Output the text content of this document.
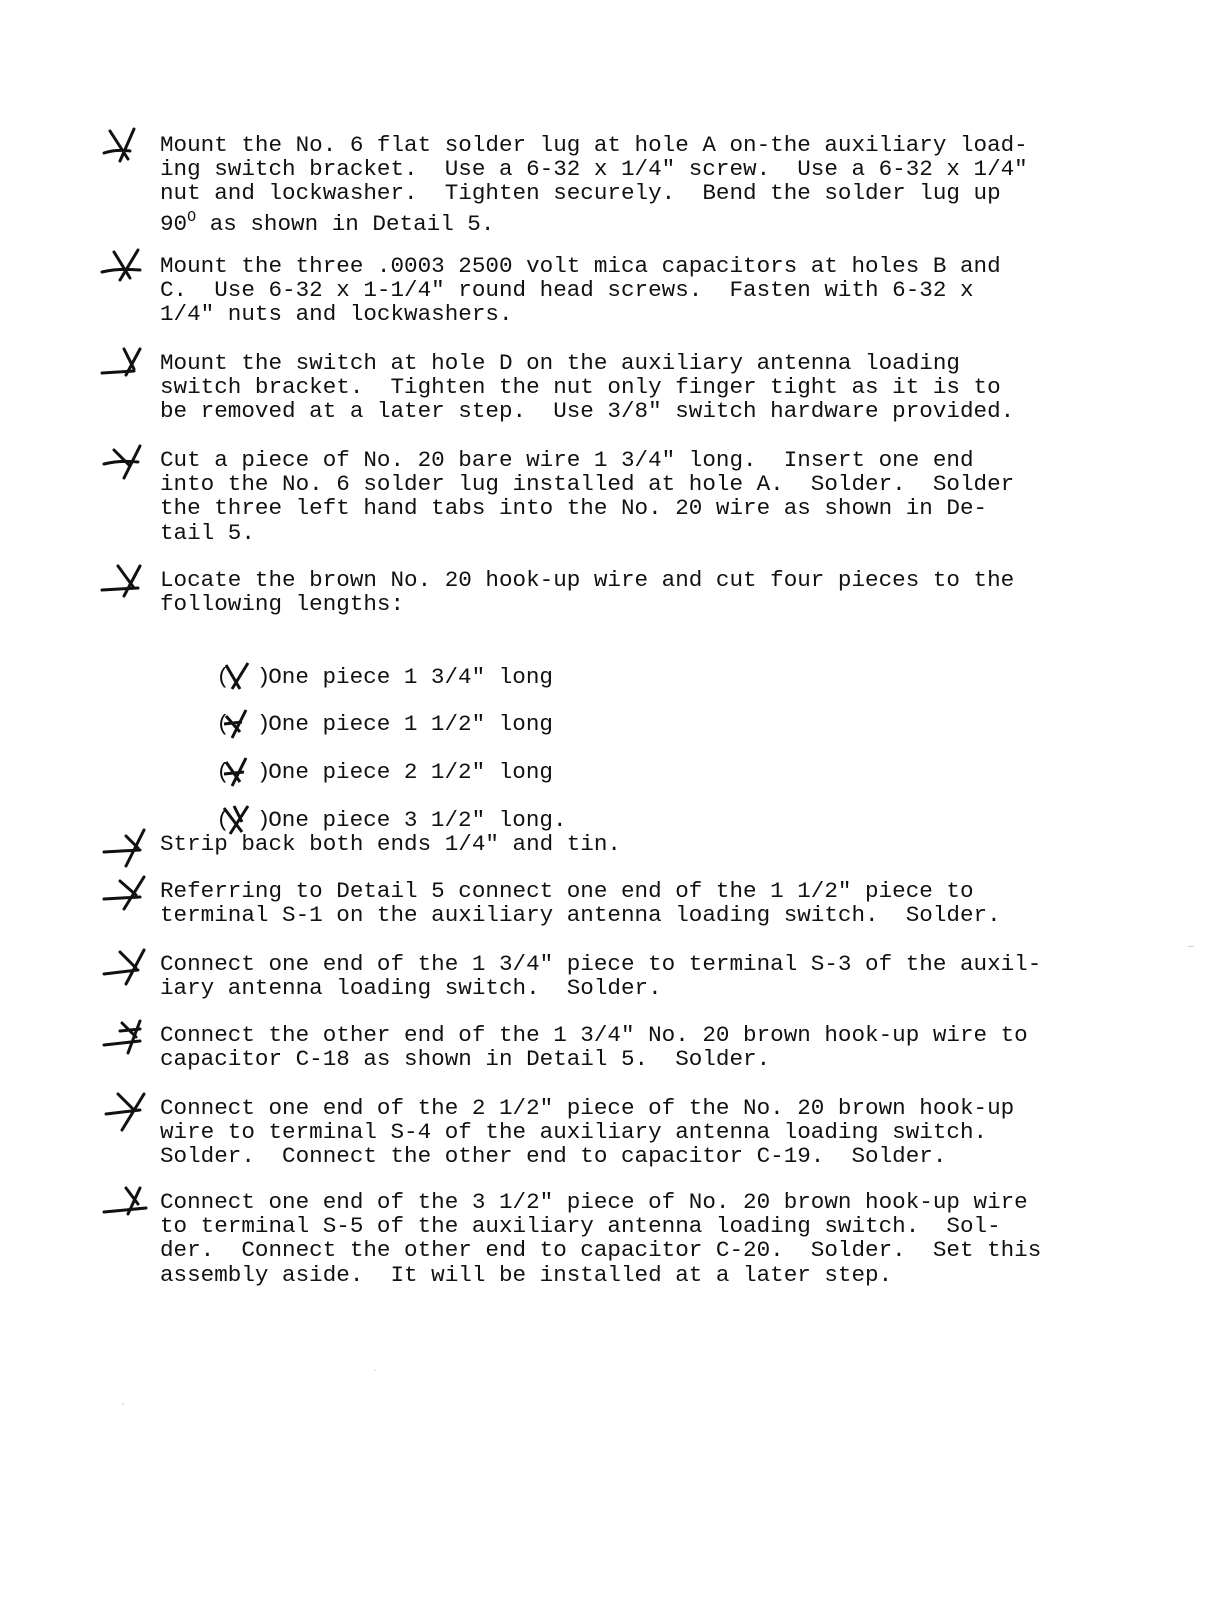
Mount the No. 6 flat solder lug at hole A on-the auxiliary load-
ing switch bracket.  Use a 6-32 x 1/4" screw.  Use a 6-32 x 1/4"
nut and lockwasher.  Tighten securely.  Bend the solder lug up
$90^O$ as shown in Detail 5.
Mount the three .0003 2500 volt mica capacitors at holes B and
C.  Use 6-32 x 1-1/4" round head screws.  Fasten with 6-32 x
1/4" nuts and lockwashers.
Mount the switch at hole D on the auxiliary antenna loading
switch bracket.  Tighten the nut only finger tight as it is to
be removed at a later step.  Use 3/8" switch hardware provided.
Cut a piece of No. 20 bare wire 1 3/4" long.  Insert one end
into the No. 6 solder lug installed at hole A.  Solder.  Solder
the three left hand tabs into the No. 20 wire as shown in De-
tail 5.
Locate the brown No. 20 hook-up wire and cut four pieces to the
following lengths:

(
)One piece 1 3/4" long

(
)One piece 1 1/2" long

(
)One piece 2 1/2" long

(
)One piece 3 1/2" long.

Strip back both ends 1/4" and tin.
Referring to Detail 5 connect one end of the 1 1/2" piece to
terminal S-1 on the auxiliary antenna loading switch.  Solder.
Connect one end of the 1 3/4" piece to terminal S-3 of the auxil-
iary antenna loading switch.  Solder.
Connect the other end of the 1 3/4" No. 20 brown hook-up wire to
capacitor C-18 as shown in Detail 5.  Solder.
Connect one end of the 2 1/2" piece of the No. 20 brown hook-up
wire to terminal S-4 of the auxiliary antenna loading switch.
Solder.  Connect the other end to capacitor C-19.  Solder.
Connect one end of the 3 1/2" piece of No. 20 brown hook-up wire
to terminal S-5 of the auxiliary antenna loading switch.  Sol-
der.  Connect the other end to capacitor C-20.  Solder.  Set this
assembly aside.  It will be installed at a later step.
—
`
·
